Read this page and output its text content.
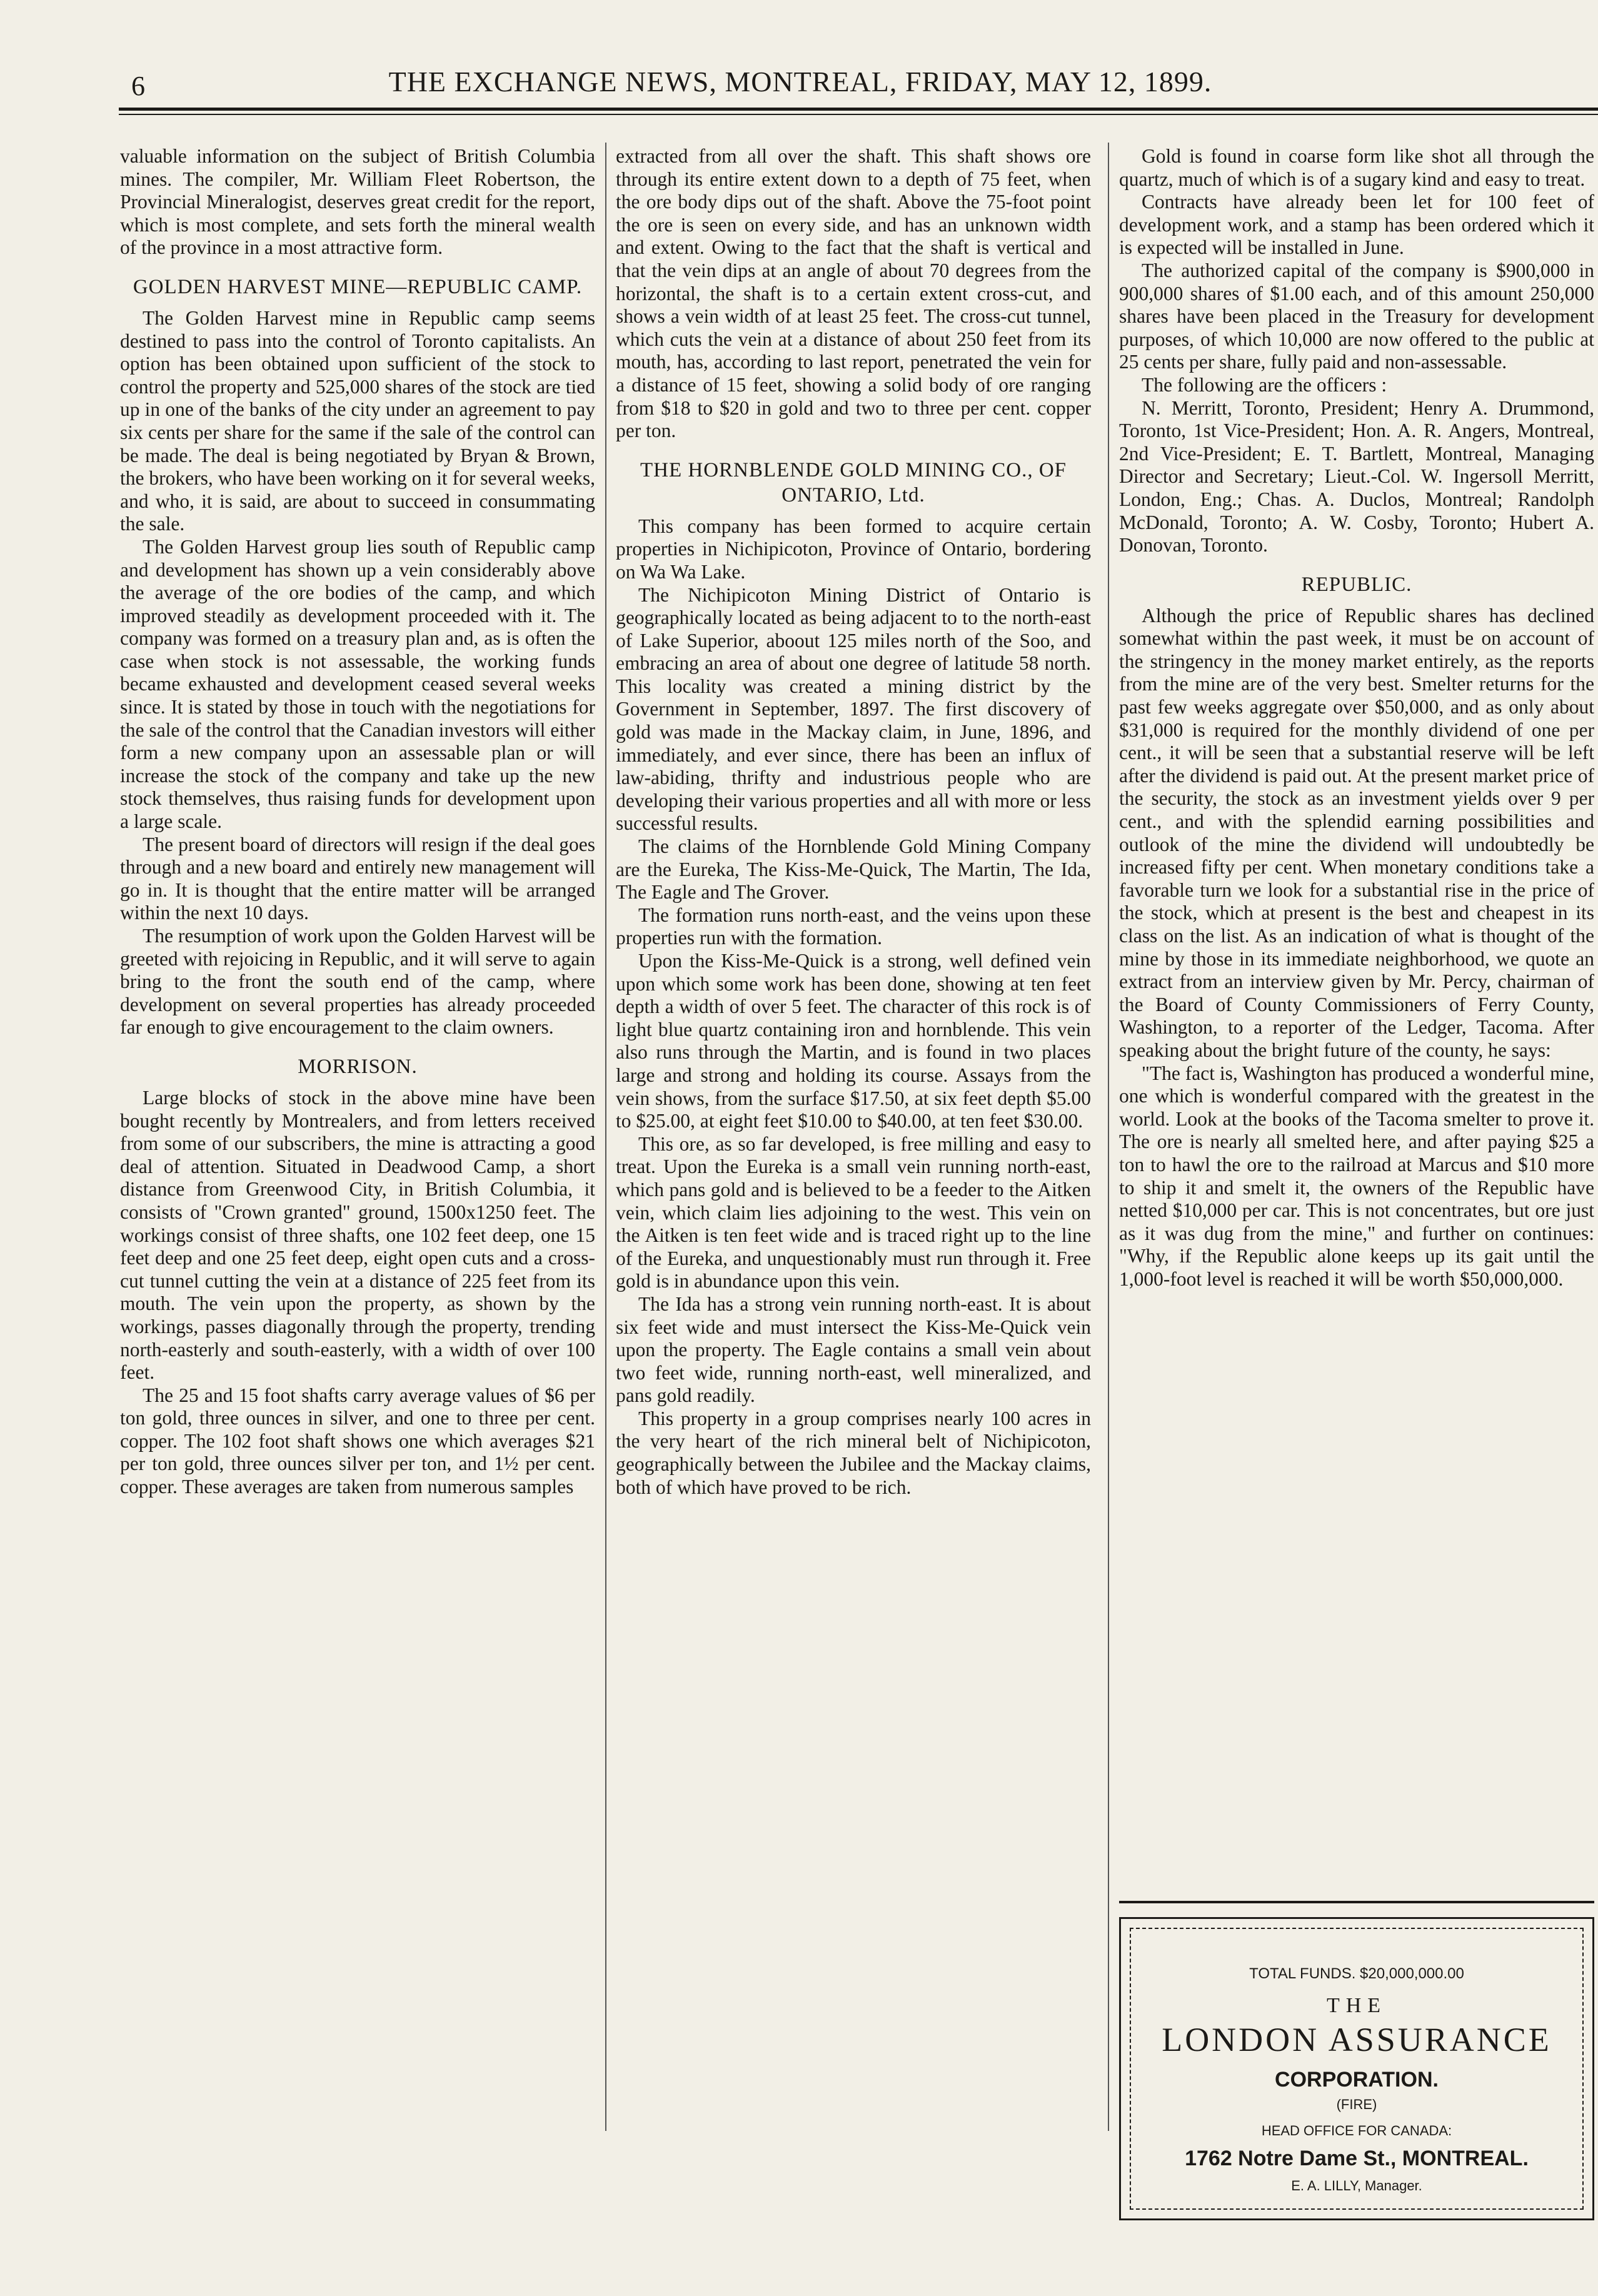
6	THE EXCHANGE NEWS, MONTREAL, FRIDAY, MAY 12, 1899.

valuable information on the subject of British Columbia mines. The compiler, Mr. William Fleet Robertson, the Provincial Mineralogist, deserves great credit for the report, which is most complete, and sets forth the mineral wealth of the province in a most attractive form.

GOLDEN HARVEST MINE—REPUBLIC CAMP.

The Golden Harvest mine in Republic camp seems destined to pass into the control of Toronto capitalists. An option has been obtained upon sufficient of the stock to control the property and 525,000 shares of the stock are tied up in one of the banks of the city under an agreement to pay six cents per share for the same if the sale of the control can be made. The deal is being negotiated by Bryan & Brown, the brokers, who have been working on it for several weeks, and who, it is said, are about to succeed in consummating the sale.

The Golden Harvest group lies south of Republic camp and development has shown up a vein considerably above the average of the ore bodies of the camp, and which improved steadily as development proceeded with it. The company was formed on a treasury plan and, as is often the case when stock is not assessable, the working funds became exhausted and development ceased several weeks since. It is stated by those in touch with the negotiations for the sale of the control that the Canadian investors will either form a new company upon an assessable plan or will increase the stock of the company and take up the new stock themselves, thus raising funds for development upon a large scale.

The present board of directors will resign if the deal goes through and a new board and entirely new management will go in. It is thought that the entire matter will be arranged within the next 10 days.

The resumption of work upon the Golden Harvest will be greeted with rejoicing in Republic, and it will serve to again bring to the front the south end of the camp, where development on several properties has already proceeded far enough to give encouragement to the claim owners.

MORRISON.

Large blocks of stock in the above mine have been bought recently by Montrealers, and from letters received from some of our subscribers, the mine is attracting a good deal of attention. Situated in Deadwood Camp, a short distance from Greenwood City, in British Columbia, it consists of "Crown granted" ground, 1500x1250 feet. The workings consist of three shafts, one 102 feet deep, one 15 feet deep and one 25 feet deep, eight open cuts and a cross-cut tunnel cutting the vein at a distance of 225 feet from its mouth. The vein upon the property, as shown by the workings, passes diagonally through the property, trending north-easterly and south-easterly, with a width of over 100 feet.

The 25 and 15 foot shafts carry average values of $6 per ton gold, three ounces in silver, and one to three per cent. copper. The 102 foot shaft shows one which averages $21 per ton gold, three ounces silver per ton, and 1½ per cent. copper. These averages are taken from numerous samples

extracted from all over the shaft. This shaft shows ore through its entire extent down to a depth of 75 feet, when the ore body dips out of the shaft. Above the 75-foot point the ore is seen on every side, and has an unknown width and extent. Owing to the fact that the shaft is vertical and that the vein dips at an angle of about 70 degrees from the horizontal, the shaft is to a certain extent cross-cut, and shows a vein width of at least 25 feet. The cross-cut tunnel, which cuts the vein at a distance of about 250 feet from its mouth, has, according to last report, penetrated the vein for a distance of 15 feet, showing a solid body of ore ranging from $18 to $20 in gold and two to three per cent. copper per ton.

THE HORNBLENDE GOLD MINING CO., OF ONTARIO, Ltd.

This company has been formed to acquire certain properties in Nichipicoton, Province of Ontario, bordering on Wa Wa Lake.

The Nichipicoton Mining District of Ontario is geographically located as being adjacent to to the north-east of Lake Superior, aboout 125 miles north of the Soo, and embracing an area of about one degree of latitude 58 north. This locality was created a mining district by the Government in September, 1897. The first discovery of gold was made in the Mackay claim, in June, 1896, and immediately, and ever since, there has been an influx of law-abiding, thrifty and industrious people who are developing their various properties and all with more or less successful results.

The claims of the Hornblende Gold Mining Company are the Eureka, The Kiss-Me-Quick, The Martin, The Ida, The Eagle and The Grover.

The formation runs north-east, and the veins upon these properties run with the formation.

Upon the Kiss-Me-Quick is a strong, well defined vein upon which some work has been done, showing at ten feet depth a width of over 5 feet. The character of this rock is of light blue quartz containing iron and hornblende. This vein also runs through the Martin, and is found in two places large and strong and holding its course. Assays from the vein shows, from the surface $17.50, at six feet depth $5.00 to $25.00, at eight feet $10.00 to $40.00, at ten feet $30.00.

This ore, as so far developed, is free milling and easy to treat. Upon the Eureka is a small vein running north-east, which pans gold and is believed to be a feeder to the Aitken vein, which claim lies adjoining to the west. This vein on the Aitken is ten feet wide and is traced right up to the line of the Eureka, and unquestionably must run through it. Free gold is in abundance upon this vein.

The Ida has a strong vein running north-east. It is about six feet wide and must intersect the Kiss-Me-Quick vein upon the property. The Eagle contains a small vein about two feet wide, running north-east, well mineralized, and pans gold readily.

This property in a group comprises nearly 100 acres in the very heart of the rich mineral belt of Nichipicoton, geographically between the Jubilee and the Mackay claims, both of which have proved to be rich.

Gold is found in coarse form like shot all through the quartz, much of which is of a sugary kind and easy to treat.

Contracts have already been let for 100 feet of development work, and a stamp has been ordered which it is expected will be installed in June.

The authorized capital of the company is $900,000 in 900,000 shares of $1.00 each, and of this amount 250,000 shares have been placed in the Treasury for development purposes, of which 10,000 are now offered to the public at 25 cents per share, fully paid and non-assessable.

The following are the officers :

N. Merritt, Toronto, President; Henry A. Drummond, Toronto, 1st Vice-President; Hon. A. R. Angers, Montreal, 2nd Vice-President; E. T. Bartlett, Montreal, Managing Director and Secretary; Lieut.-Col. W. Ingersoll Merritt, London, Eng.; Chas. A. Duclos, Montreal; Randolph McDonald, Toronto; A. W. Cosby, Toronto; Hubert A. Donovan, Toronto.

REPUBLIC.

Although the price of Republic shares has declined somewhat within the past week, it must be on account of the stringency in the money market entirely, as the reports from the mine are of the very best. Smelter returns for the past few weeks aggregate over $50,000, and as only about $31,000 is required for the monthly dividend of one per cent., it will be seen that a substantial reserve will be left after the dividend is paid out. At the present market price of the security, the stock as an investment yields over 9 per cent., and with the splendid earning possibilities and outlook of the mine the dividend will undoubtedly be increased fifty per cent. When monetary conditions take a favorable turn we look for a substantial rise in the price of the stock, which at present is the best and cheapest in its class on the list. As an indication of what is thought of the mine by those in its immediate neighborhood, we quote an extract from an interview given by Mr. Percy, chairman of the Board of County Commissioners of Ferry County, Washington, to a reporter of the Ledger, Tacoma. After speaking about the bright future of the county, he says:

"The fact is, Washington has produced a wonderful mine, one which is wonderful compared with the greatest in the world. Look at the books of the Tacoma smelter to prove it. The ore is nearly all smelted here, and after paying $25 a ton to hawl the ore to the railroad at Marcus and $10 more to ship it and smelt it, the owners of the Republic have netted $10,000 per car. This is not concentrates, but ore just as it was dug from the mine," and further on continues: "Why, if the Republic alone keeps up its gait until the 1,000-foot level is reached it will be worth $50,000,000.

TOTAL FUNDS. $20,000,000.00
THE
LONDON ASSURANCE
CORPORATION.
(FIRE)
HEAD OFFICE FOR CANADA:
1762 Notre Dame St., MONTREAL.
E. A. LILLY, Manager.
